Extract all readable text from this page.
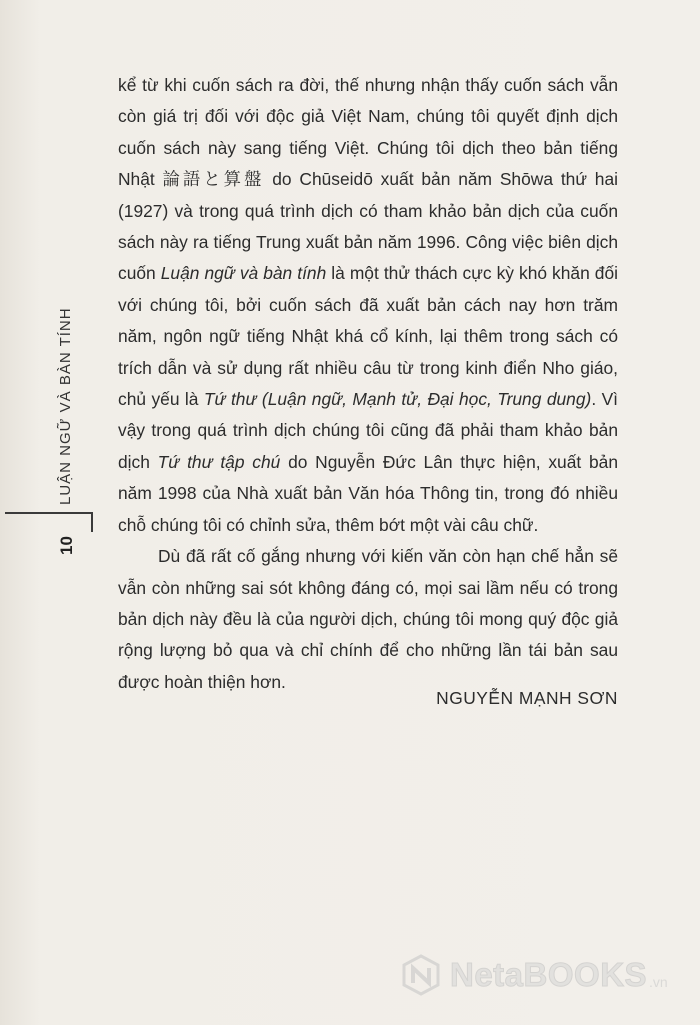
LUẬN NGỮ VÀ BÀN TÍNH
10

kể từ khi cuốn sách ra đời, thế nhưng nhận thấy cuốn sách vẫn còn giá trị đối với độc giả Việt Nam, chúng tôi quyết định dịch cuốn sách này sang tiếng Việt. Chúng tôi dịch theo bản tiếng Nhật 論語と算盤 do Chūseidō xuất bản năm Shōwa thứ hai (1927) và trong quá trình dịch có tham khảo bản dịch của cuốn sách này ra tiếng Trung xuất bản năm 1996. Công việc biên dịch cuốn Luận ngữ và bàn tính là một thử thách cực kỳ khó khăn đối với chúng tôi, bởi cuốn sách đã xuất bản cách nay hơn trăm năm, ngôn ngữ tiếng Nhật khá cổ kính, lại thêm trong sách có trích dẫn và sử dụng rất nhiều câu từ trong kinh điển Nho giáo, chủ yếu là Tứ thư (Luận ngữ, Mạnh tử, Đại học, Trung dung). Vì vậy trong quá trình dịch chúng tôi cũng đã phải tham khảo bản dịch Tứ thư tập chú do Nguyễn Đức Lân thực hiện, xuất bản năm 1998 của Nhà xuất bản Văn hóa Thông tin, trong đó nhiều chỗ chúng tôi có chỉnh sửa, thêm bớt một vài câu chữ.

Dù đã rất cố gắng nhưng với kiến văn còn hạn chế hẳn sẽ vẫn còn những sai sót không đáng có, mọi sai lầm nếu có trong bản dịch này đều là của người dịch, chúng tôi mong quý độc giả rộng lượng bỏ qua và chỉ chính để cho những lần tái bản sau được hoàn thiện hơn.

NGUYỄN MẠNH SƠN
NetaBOOKS .vn
